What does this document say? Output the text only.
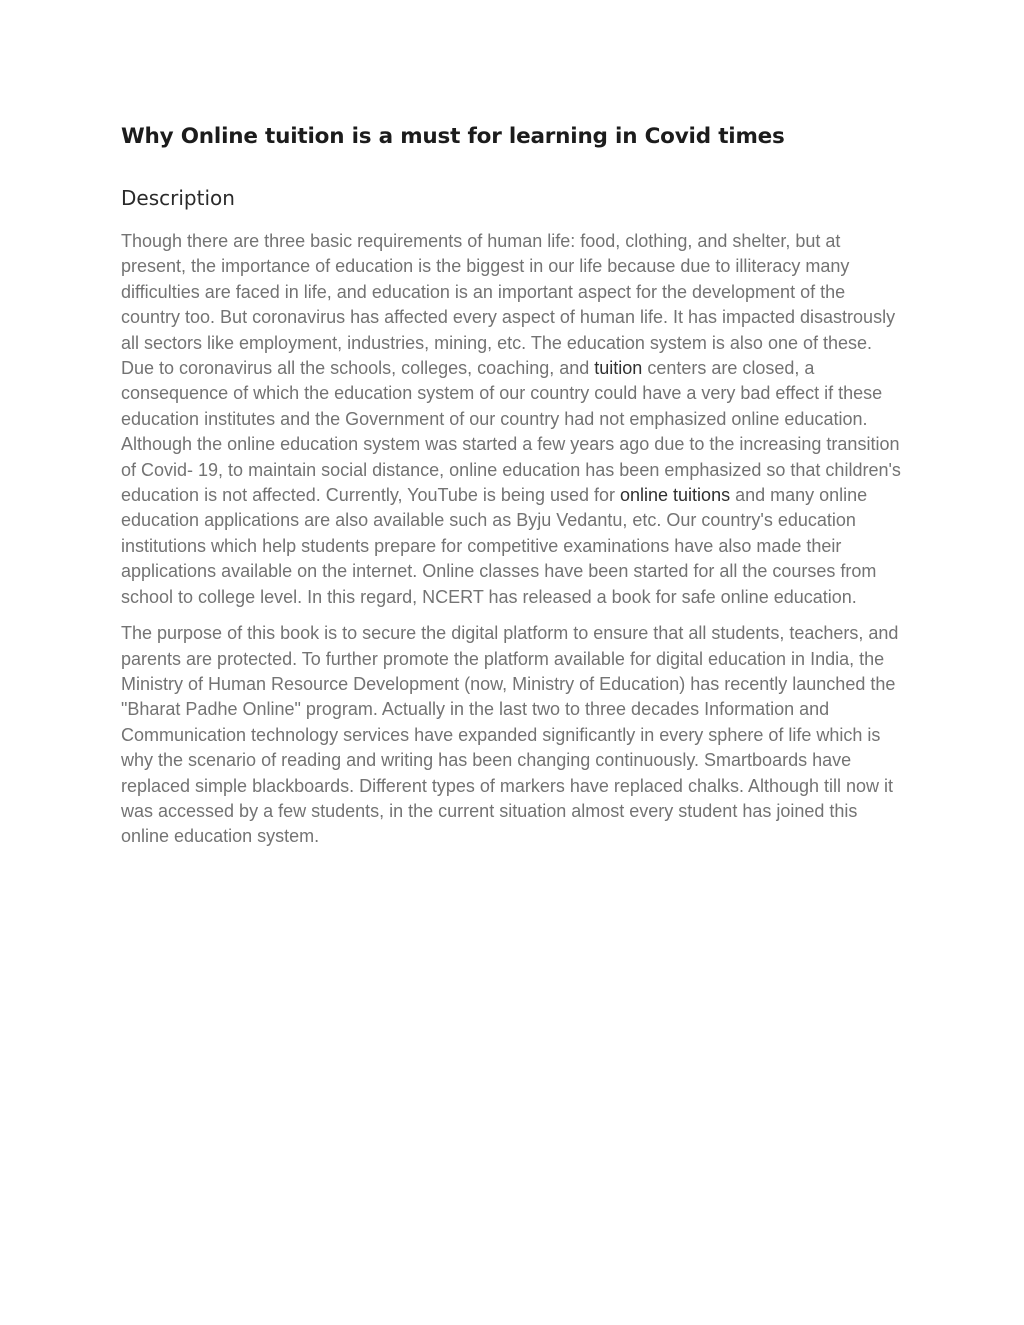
Why Online tuition is a must for learning in Covid times
Description

Though there are three basic requirements of human life: food, clothing, and shelter, but at present, the importance of education is the biggest in our life because due to illiteracy many difficulties are faced in life, and education is an important aspect for the development of the country too. But coronavirus has affected every aspect of human life. It has impacted disastrously all sectors like employment, industries, mining, etc. The education system is also one of these. Due to coronavirus all the schools, colleges, coaching, and tuition centers are closed, a consequence of which the education system of our country could have a very bad effect if these education institutes and the Government of our country had not emphasized online education. Although the online education system was started a few years ago due to the increasing transition of Covid- 19, to maintain social distance, online education has been emphasized so that children's education is not affected. Currently, YouTube is being used for online tuitions and many online education applications are also available such as Byju Vedantu, etc. Our country's education institutions which help students prepare for competitive examinations have also made their applications available on the internet. Online classes have been started for all the courses from school to college level. In this regard, NCERT has released a book for safe online education.

The purpose of this book is to secure the digital platform to ensure that all students, teachers, and parents are protected. To further promote the platform available for digital education in India, the Ministry of Human Resource Development (now, Ministry of Education) has recently launched the "Bharat Padhe Online" program. Actually in the last two to three decades Information and Communication technology services have expanded significantly in every sphere of life which is why the scenario of reading and writing has been changing continuously. Smartboards have replaced simple blackboards. Different types of markers have replaced chalks. Although till now it was accessed by a few students, in the current situation almost every student has joined this online education system.
